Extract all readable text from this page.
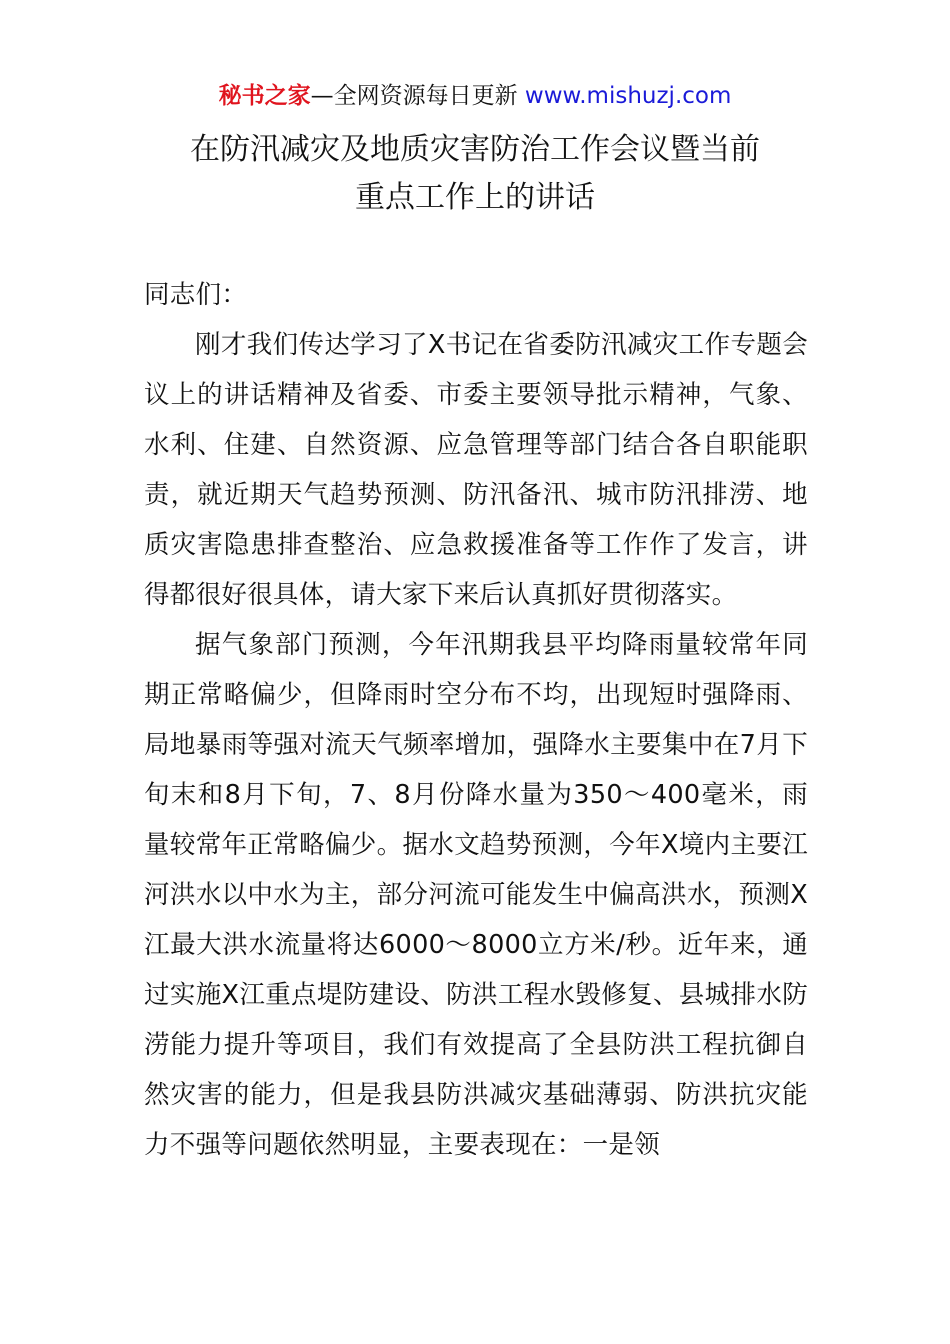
秘书之家—全网资源每日更新 www.mishuzj.com
在防汛减灾及地质灾害防治工作会议暨当前
重点工作上的讲话

同志们：

刚才我们传达学习了X书记在省委防汛减灾工作专题会议上的讲话精神及省委、市委主要领导批示精神，气象、水利、住建、自然资源、应急管理等部门结合各自职能职责，就近期天气趋势预测、防汛备汛、城市防汛排涝、地质灾害隐患排查整治、应急救援准备等工作作了发言，讲得都很好很具体，请大家下来后认真抓好贯彻落实。

据气象部门预测，今年汛期我县平均降雨量较常年同期正常略偏少，但降雨时空分布不均，出现短时强降雨、局地暴雨等强对流天气频率增加，强降水主要集中在7月下旬末和8月下旬，7、8月份降水量为350～400毫米，雨量较常年正常略偏少。据水文趋势预测，今年X境内主要江河洪水以中水为主，部分河流可能发生中偏高洪水，预测X江最大洪水流量将达6000～8000立方米/秒。近年来，通过实施X江重点堤防建设、防洪工程水毁修复、县城排水防涝能力提升等项目，我们有效提高了全县防洪工程抗御自然灾害的能力，但是我县防洪减灾基础薄弱、防洪抗灾能力不强等问题依然明显，主要表现在：一是领
